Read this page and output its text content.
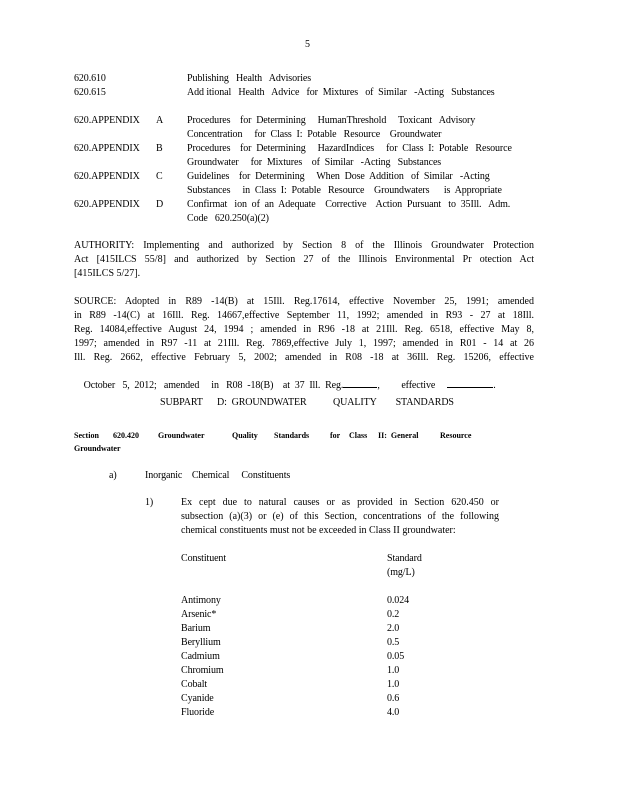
5
620.610	Publishing   Health   Advisories
620.615	Add itional   Health   Advice   for  Mixtures   of  Similar   -Acting   Substances
620.APPENDIX A Procedures    for  Determining     HumanThreshold     Toxicant   Advisory
Concentration     for  Class  I:  Potable   Resource    Groundwater
620.APPENDIX B Procedures    for  Determining     HazardIndices     for  Class  I:  Potable   Resource
Groundwater     for  Mixtures    of  Similar   -Acting   Substances
620.APPENDIX C Guidelines    for  Determining     When  Dose  Addition   of  Similar   -Acting
Substances     in  Class  I:  Potable   Resource    Groundwaters      is  Appropriate
620.APPENDIX D Confirmat   ion  of  an  Adequate    Corrective    Action  Pursuant   to  35Ill.   Adm.
Code   620.250(a)(2)
AUTHORITY: Implementing and authorized by Section 8 of the Illinois Groundwater Protection
Act [415ILCS 55/8] and authorized by Section 27 of the Illinois Environmental Pr otection Act
[415ILCS 5/27].
SOURCE: Adopted in R89 -14(B) at 15Ill. Reg.17614, effective November 25, 1991; amended
in R89 -14(C) at 16Ill. Reg. 14667,effective September 11, 1992; amended in R93 - 27 at 18Ill.
Reg. 14084,effective August 24, 1994 ; amended in R96 -18 at 21Ill. Reg. 6518, effective May 8,
1997; amended in R97 -11 at 21Ill. Reg. 7869,effective July 1, 1997; amended in R01 - 14 at 26
Ill. Reg. 2662, effective February 5, 2002; amended in R08 -18 at 36Ill. Reg. 15206, effective

October   5,  2012;   amended     in   R08  -18(B)    at  37  Ill.  Reg.	,         effective	.

SUBPART      D:  GROUNDWATER           QUALITY        STANDARDS
Section 620.420 Groundwater	Quality Standards	for Class II:  General	Resource
Groundwater
a)	Inorganic    Chemical     Constituents
1)	Ex cept due to natural causes or as provided in Section 620.450 or
subsection (a)(3) or (e) of this Section, concentrations of the following
chemical constituents must not be exceeded in Class II groundwater:
Constituent	Standard
(mg/L)
Antimony	0.024
Arsenic*	0.2
Barium	2.0
Beryllium	0.5
Cadmium	0.05
Chromium	1.0
Cobalt	1.0
Cyanide	0.6
Fluoride	4.0
